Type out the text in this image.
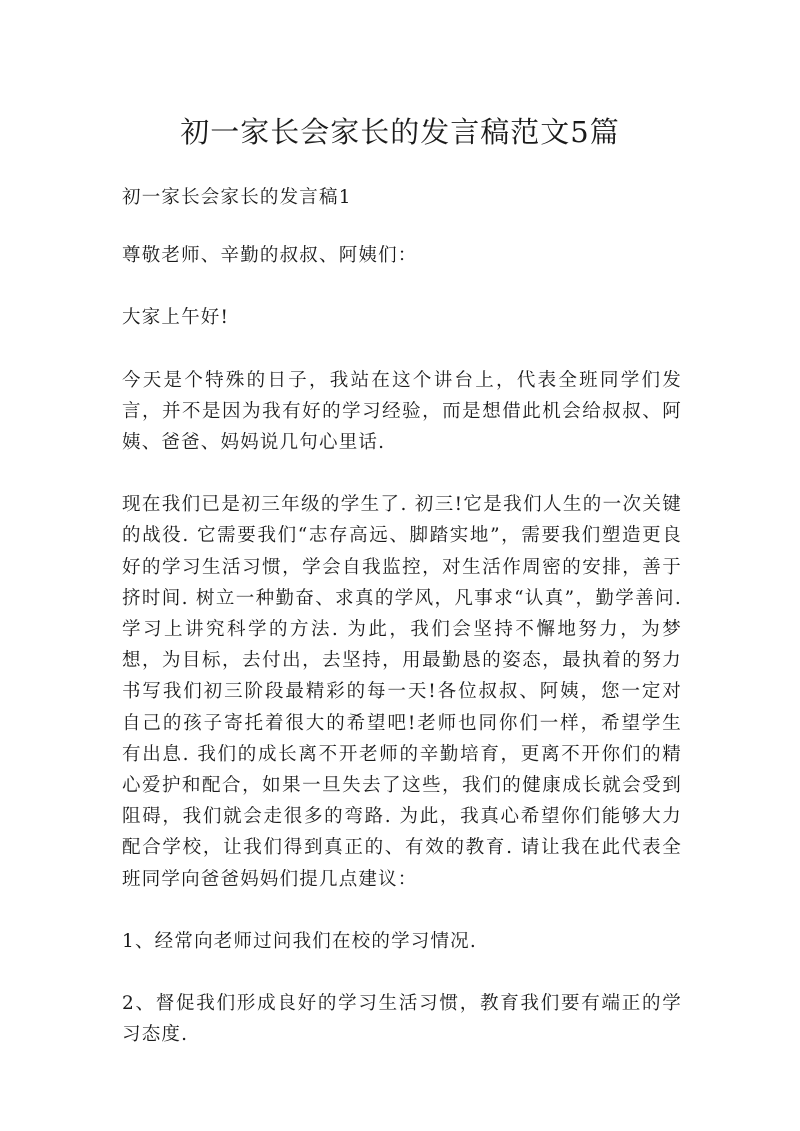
初一家长会家长的发言稿范文5篇

初一家长会家长的发言稿1

尊敬老师、辛勤的叔叔、阿姨们：

大家上午好!

今天是个特殊的日子，我站在这个讲台上，代表全班同学们发言，并不是因为我有好的学习经验，而是想借此机会给叔叔、阿姨、爸爸、妈妈说几句心里话.

现在我们已是初三年级的学生了. 初三!它是我们人生的一次关键的战役. 它需要我们“志存高远、脚踏实地”，需要我们塑造更良好的学习生活习惯，学会自我监控，对生活作周密的安排，善于挤时间. 树立一种勤奋、求真的学风，凡事求“认真”，勤学善问. 学习上讲究科学的方法. 为此，我们会坚持不懈地努力，为梦想，为目标，去付出，去坚持，用最勤恳的姿态，最执着的努力书写我们初三阶段最精彩的每一天!各位叔叔、阿姨，您一定对自己的孩子寄托着很大的希望吧!老师也同你们一样，希望学生有出息. 我们的成长离不开老师的辛勤培育，更离不开你们的精心爱护和配合，如果一旦失去了这些，我们的健康成长就会受到阻碍，我们就会走很多的弯路. 为此，我真心希望你们能够大力配合学校，让我们得到真正的、有效的教育. 请让我在此代表全班同学向爸爸妈妈们提几点建议：

1、经常向老师过问我们在校的学习情况.

2、督促我们形成良好的学习生活习惯，教育我们要有端正的学习态度.
